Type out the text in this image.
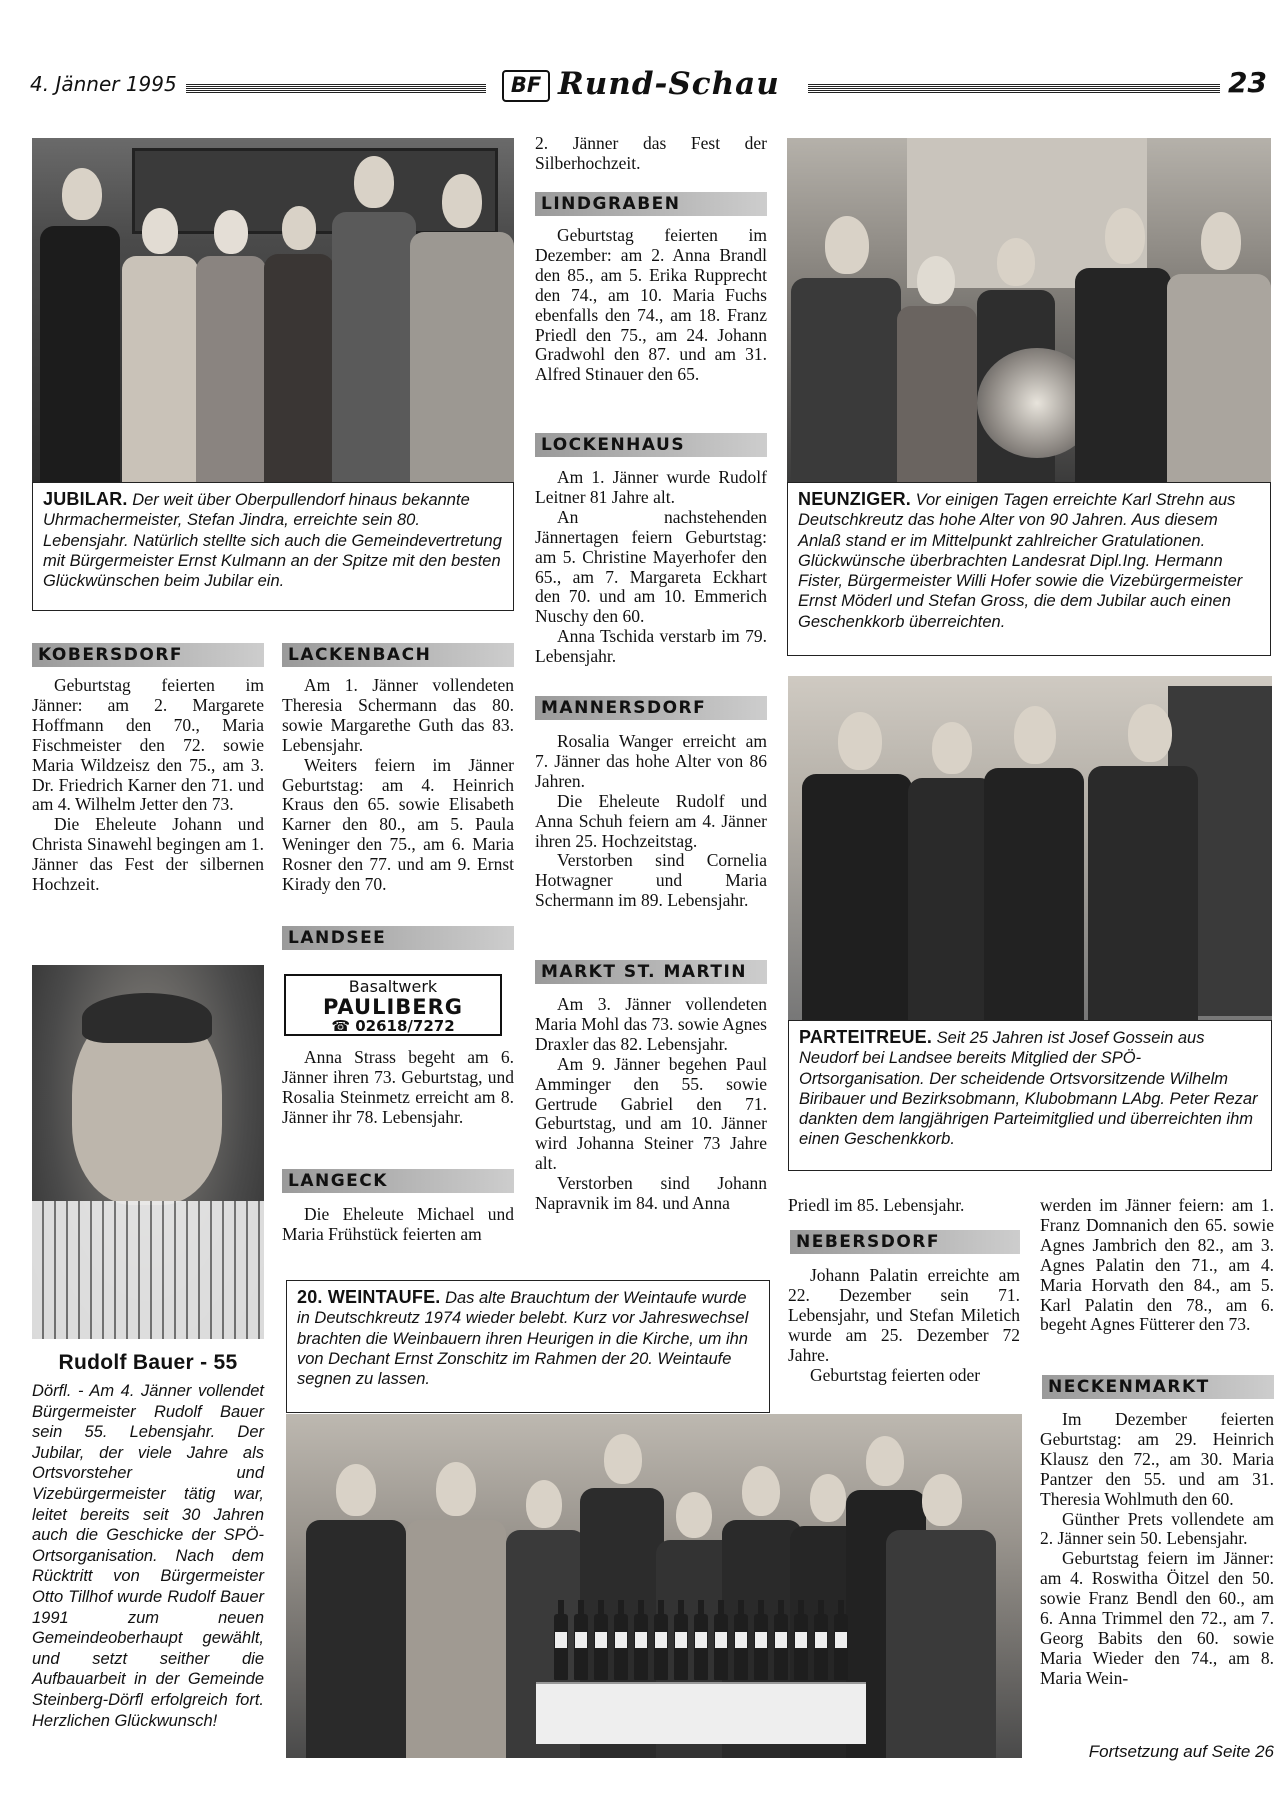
4. Jänner 1995	BF Rund-Schau	23
JUBILAR. Der weit über Oberpullendorf hinaus bekannte Uhrmachermeister, Stefan Jindra, erreichte sein 80. Lebensjahr. Natürlich stellte sich auch die Gemeindevertretung mit Bürgermeister Ernst Kulmann an der Spitze mit den besten Glückwünschen beim Jubilar ein.
KOBERSDORF

Geburtstag feierten im Jänner: am 2. Margarete Hoffmann den 70., Maria Fischmeister den 72. sowie Maria Wildzeisz den 75., am 3. Dr. Friedrich Karner den 71. und am 4. Wilhelm Jetter den 73.

Die Eheleute Johann und Christa Sinawehl begingen am 1. Jänner das Fest der silbernen Hochzeit.

Rudolf Bauer - 55
Dörfl. - Am 4. Jänner vollendet Bürgermeister Rudolf Bauer sein 55. Lebensjahr. Der Jubilar, der viele Jahre als Ortsvorsteher und Vizebürgermeister tätig war, leitet bereits seit 30 Jahren auch die Geschicke der SPÖ-Ortsorganisation. Nach dem Rücktritt von Bürgermeister Otto Tillhof wurde Rudolf Bauer 1991 zum neuen Gemeindeoberhaupt gewählt, und setzt seither die Aufbauarbeit in der Gemeinde Steinberg-Dörfl erfolgreich fort. Herzlichen Glückwunsch!
LACKENBACH

Am 1. Jänner vollendeten Theresia Schermann das 80. sowie Margarethe Guth das 83. Lebensjahr.

Weiters feiern im Jänner Geburtstag: am 4. Heinrich Kraus den 65. sowie Elisabeth Karner den 80., am 5. Paula Weninger den 75., am 6. Maria Rosner den 77. und am 9. Ernst Kirady den 70.

LANDSEE
Basaltwerk
PAULIBERG
☎ 02618/7272

Anna Strass begeht am 6. Jänner ihren 73. Geburtstag, und Rosalia Steinmetz erreicht am 8. Jänner ihr 78. Lebensjahr.

LANGECK

Die Eheleute Michael und Maria Frühstück feierten am

2. Jänner das Fest der Silberhochzeit.

LINDGRABEN

Geburtstag feierten im Dezember: am 2. Anna Brandl den 85., am 5. Erika Rupprecht den 74., am 10. Maria Fuchs ebenfalls den 74., am 18. Franz Priedl den 75., am 24. Johann Gradwohl den 87. und am 31. Alfred Stinauer den 65.

LOCKENHAUS

Am 1. Jänner wurde Rudolf Leitner 81 Jahre alt.

An nachstehenden Jännertagen feiern Geburtstag: am 5. Christine Mayerhofer den 65., am 7. Margareta Eckhart den 70. und am 10. Emmerich Nuschy den 60.

Anna Tschida verstarb im 79. Lebensjahr.

MANNERSDORF

Rosalia Wanger erreicht am 7. Jänner das hohe Alter von 86 Jahren.

Die Eheleute Rudolf und Anna Schuh feiern am 4. Jänner ihren 25. Hochzeitstag.

Verstorben sind Cornelia Hotwagner und Maria Schermann im 89. Lebensjahr.

MARKT ST. MARTIN

Am 3. Jänner vollendeten Maria Mohl das 73. sowie Agnes Draxler das 82. Lebensjahr.

Am 9. Jänner begehen Paul Amminger den 55. sowie Gertrude Gabriel den 71. Geburtstag, und am 10. Jänner wird Johanna Steiner 73 Jahre alt.

Verstorben sind Johann Napravnik im 84. und Anna

NEUNZIGER. Vor einigen Tagen erreichte Karl Strehn aus Deutschkreutz das hohe Alter von 90 Jahren. Aus diesem Anlaß stand er im Mittelpunkt zahlreicher Gratulationen. Glückwünsche überbrachten Landesrat Dipl.Ing. Hermann Fister, Bürgermeister Willi Hofer sowie die Vizebürgermeister Ernst Möderl und Stefan Gross, die dem Jubilar auch einen Geschenkkorb überreichten.
PARTEITREUE. Seit 25 Jahren ist Josef Gossein aus Neudorf bei Landsee bereits Mitglied der SPÖ-Ortsorganisation. Der scheidende Ortsvorsitzende Wilhelm Biribauer und Bezirksobmann, Klubobmann LAbg. Peter Rezar dankten dem langjährigen Parteimitglied und überreichten ihm einen Geschenkkorb.

Priedl im 85. Lebensjahr.

NEBERSDORF

Johann Palatin erreichte am 22. Dezember sein 71. Lebensjahr, und Stefan Miletich wurde am 25. Dezember 72 Jahre.

Geburtstag feierten oder

werden im Jänner feiern: am 1. Franz Domnanich den 65. sowie Agnes Jambrich den 82., am 3. Agnes Palatin den 71., am 4. Maria Horvath den 84., am 5. Karl Palatin den 78., am 6. begeht Agnes Fütterer den 73.

NECKENMARKT

Im Dezember feierten Geburtstag: am 29. Heinrich Klausz den 72., am 30. Maria Pantzer den 55. und am 31. Theresia Wohlmuth den 60.

Günther Prets vollendete am 2. Jänner sein 50. Lebensjahr.

Geburtstag feiern im Jänner: am 4. Roswitha Öitzel den 50. sowie Franz Bendl den 60., am 6. Anna Trimmel den 72., am 7. Georg Babits den 60. sowie Maria Wieder den 74., am 8. Maria Wein-

20. WEINTAUFE. Das alte Brauchtum der Weintaufe wurde in Deutschkreutz 1974 wieder belebt. Kurz vor Jahreswechsel brachten die Weinbauern ihren Heurigen in die Kirche, um ihn von Dechant Ernst Zonschitz im Rahmen der 20. Weintaufe segnen zu lassen.
Fortsetzung auf Seite 26
